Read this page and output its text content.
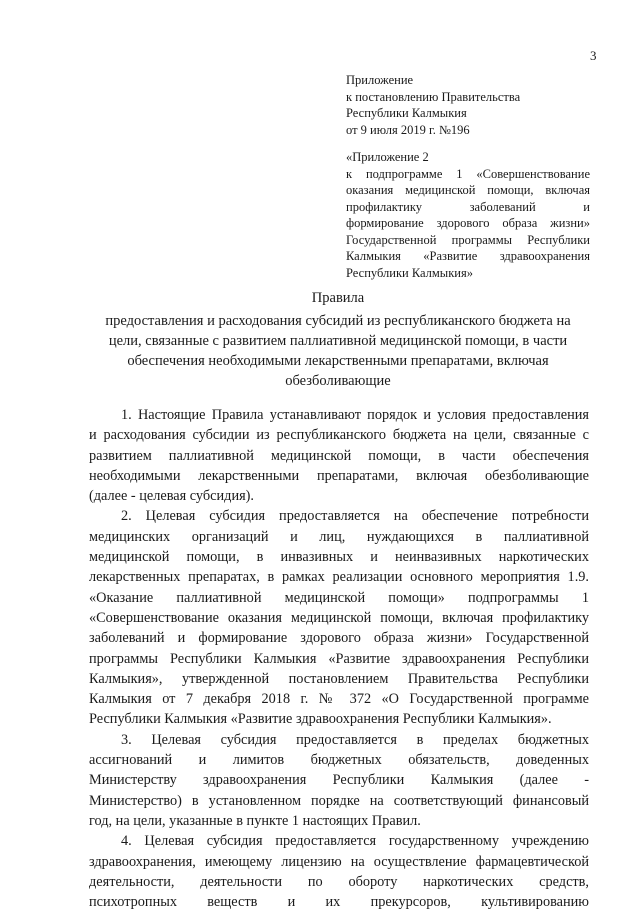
3
Приложение
к постановлению Правительства
Республики Калмыкия
от 9 июля 2019 г. №196
«Приложение 2
к подпрограмме 1 «Совершенствование
оказания медицинской помощи, включая
профилактику заболеваний и
формирование здорового образа жизни»
Государственной программы Республики
Калмыкия «Развитие здравоохранения
Республики Калмыкия»
Правила
предоставления и расходования субсидий из республиканского бюджета на
цели, связанные с развитием паллиативной медицинской помощи, в части
обеспечения необходимыми лекарственными препаратами, включая
обезболивающие
1. Настоящие Правила устанавливают порядок и условия предоставления
и расходования субсидии из республиканского бюджета на цели, связанные с
развитием паллиативной медицинской помощи, в части обеспечения
необходимыми лекарственными препаратами, включая обезболивающие
(далее - целевая субсидия).
2. Целевая субсидия предоставляется на обеспечение потребности
медицинских организаций и лиц, нуждающихся в паллиативной
медицинской помощи, в инвазивных и неинвазивных наркотических
лекарственных препаратах, в рамках реализации основного мероприятия 1.9.
«Оказание паллиативной медицинской помощи» подпрограммы 1
«Совершенствование оказания медицинской помощи, включая профилактику
заболеваний и формирование здорового образа жизни» Государственной
программы Республики Калмыкия «Развитие здравоохранения Республики
Калмыкия», утвержденной постановлением Правительства Республики
Калмыкия от 7 декабря 2018 г. № 372 «О Государственной программе
Республики Калмыкия «Развитие здравоохранения Республики Калмыкия».
3. Целевая субсидия предоставляется в пределах бюджетных
ассигнований и лимитов бюджетных обязательств, доведенных
Министерству здравоохранения Республики Калмыкия (далее -
Министерство) в установленном порядке на соответствующий финансовый
год, на цели, указанные в пункте 1 настоящих Правил.
4. Целевая субсидия предоставляется государственному учреждению
здравоохранения, имеющему лицензию на осуществление фармацевтической
деятельности, деятельности по обороту наркотических средств,
психотропных веществ и их прекурсоров, культивированию
